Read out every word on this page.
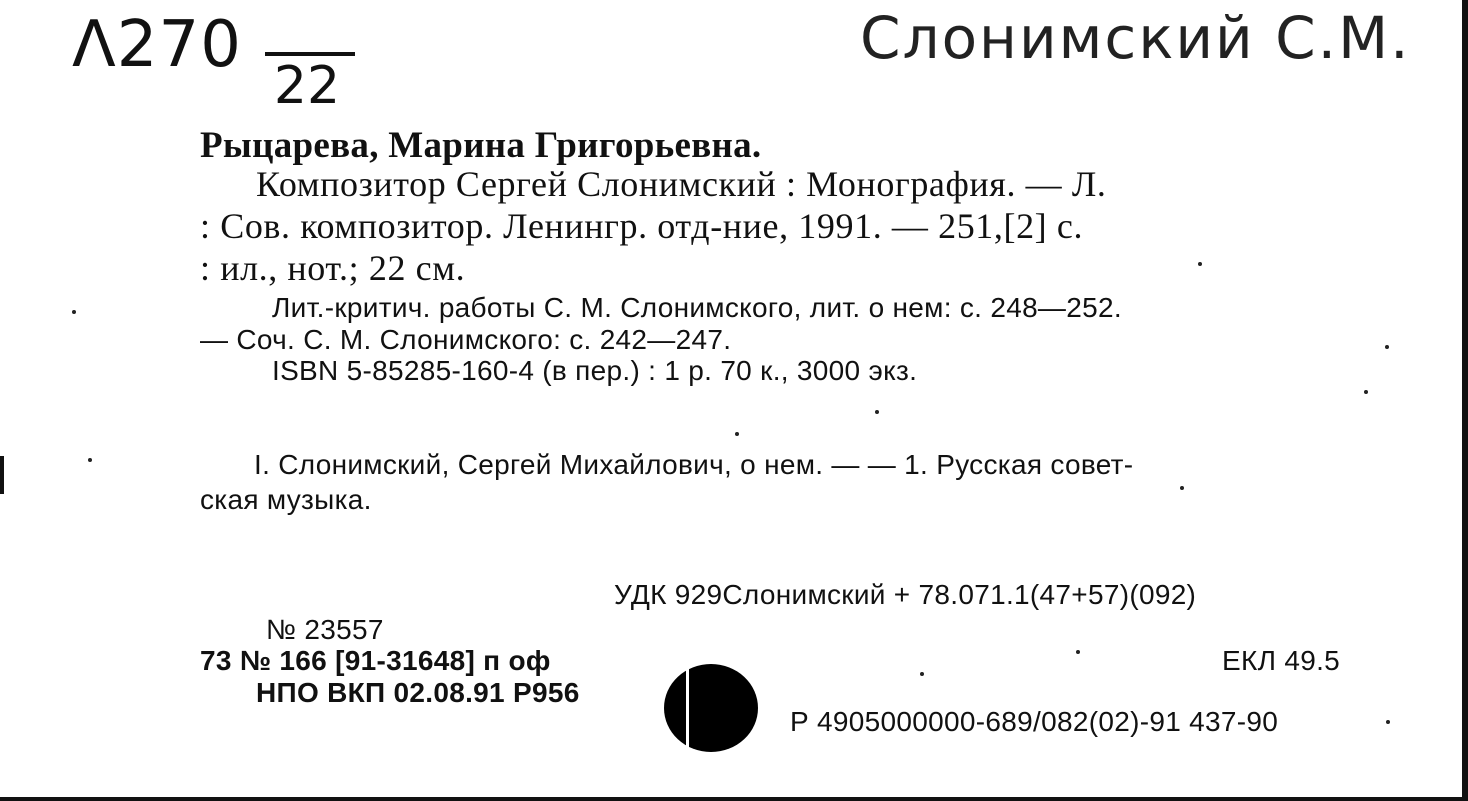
Λ270
22
Слонимский С.М.
Рыцарева, Марина Григорьевна.
Композитор Сергей Слонимский : Монография. — Л.
: Сов. композитор. Ленингр. отд-ние, 1991. — 251,[2] с.
: ил., нот.; 22 см.
Лит.-критич. работы С. М. Слонимского, лит. о нем: с. 248—252.
— Соч. С. М. Слонимского: с. 242—247.
ISBN 5-85285-160-4 (в пер.) : 1 р. 70 к., 3000 экз.
I. Слонимский, Сергей Михайлович, о нем. — — 1. Русская совет-
ская музыка.
УДК 929Слонимский + 78.071.1(47+57)(092)
№ 23557
73 № 166 [91-31648] п оф	ЕКЛ 49.5
НПО ВКП 02.08.91 Р956
Р 4905000000-689/082(02)-91 437-90
